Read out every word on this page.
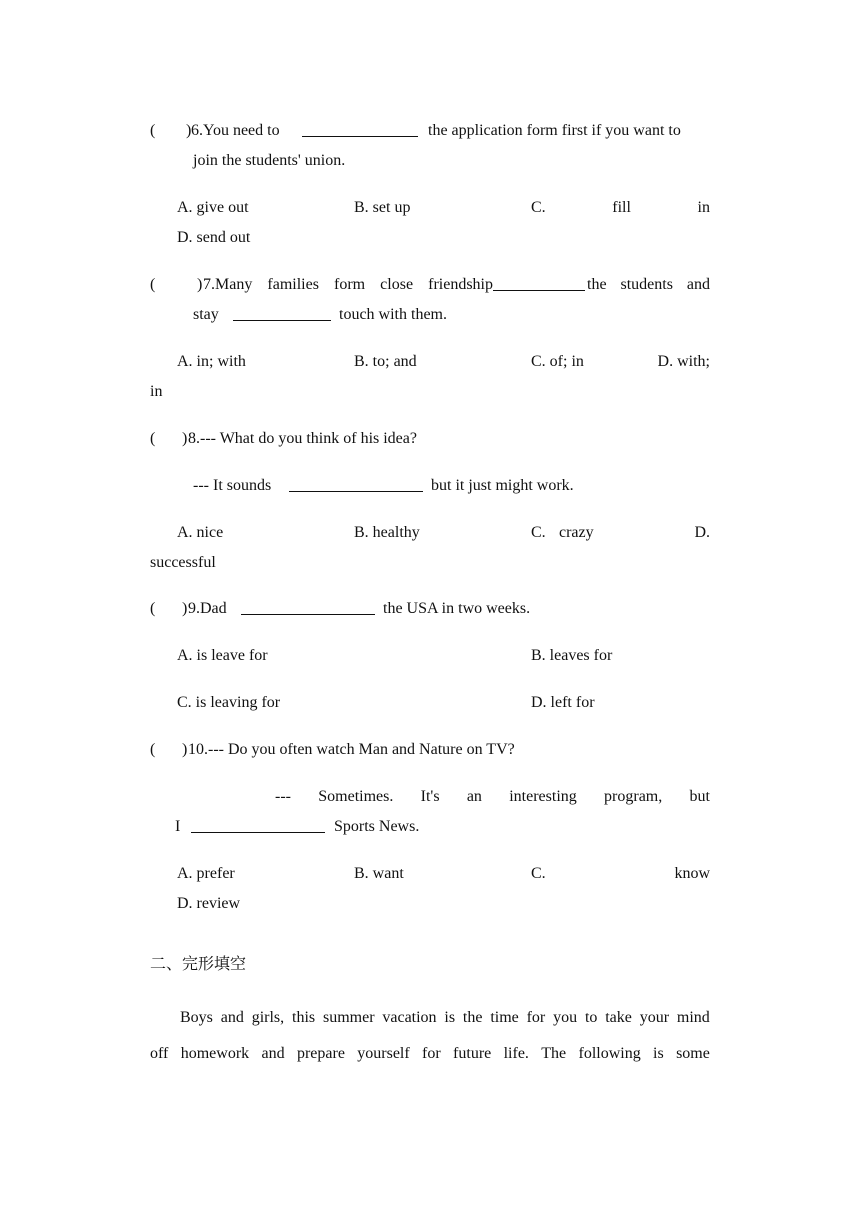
( ) 6.You need to	the application form first if you want to
join the students' union.
A. give out	B. set up	C.	fill	in
D. send out
(	) 7.Many families form close friendship	the students and
stay	touch with them.
A. in; with	B. to; and	C. of; in	D. with;
in
( ) 8.--- What do you think of his idea?
--- It sounds	but it just might work.
A. nice	B. healthy	C. crazy	D.
successful
( ) 9.Dad	the USA in two weeks.
A. is leave for	B. leaves for
C. is leaving for	D. left for
( ) 10.--- Do you often watch Man and Nature on TV?
--- Sometimes. It's an interesting program, but
I	Sports News.
A. prefer	B. want	C.	know
D. review
二、完形填空
Boys and girls, this summer vacation is the time for you to take your mind
off homework and prepare yourself for future life. The following is some
